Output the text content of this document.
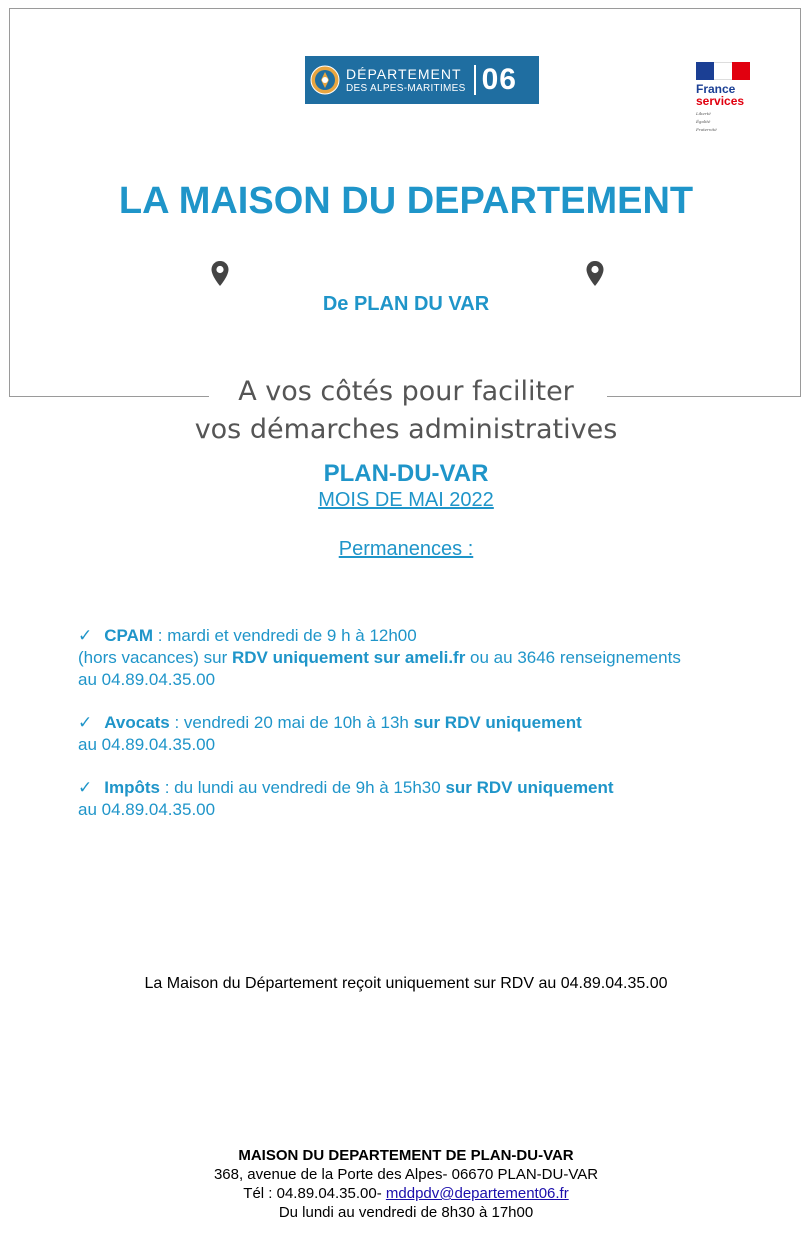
DÉPARTEMENT
DES ALPES-MARITIMES 06	France
services
Liberté
Égalité
Fraternité
LA MAISON DU DEPARTEMENT
De PLAN DU VAR
A vos côtés pour faciliter
vos démarches administratives
PLAN-DU-VAR
MOIS DE MAI 2022
Permanences :
✓ CPAM : mardi et vendredi de 9 h à 12h00
(hors vacances) sur RDV uniquement sur ameli.fr ou au 3646 renseignements
au 04.89.04.35.00
✓ Avocats : vendredi 20 mai de 10h à 13h sur RDV uniquement
au 04.89.04.35.00
✓ Impôts : du lundi au vendredi de 9h à 15h30 sur RDV uniquement
au 04.89.04.35.00
La Maison du Département reçoit uniquement sur RDV au 04.89.04.35.00
MAISON DU DEPARTEMENT DE PLAN-DU-VAR
368, avenue de la Porte des Alpes- 06670 PLAN-DU-VAR
Tél : 04.89.04.35.00- mddpdv@departement06.fr
Du lundi au vendredi de 8h30 à 17h00
